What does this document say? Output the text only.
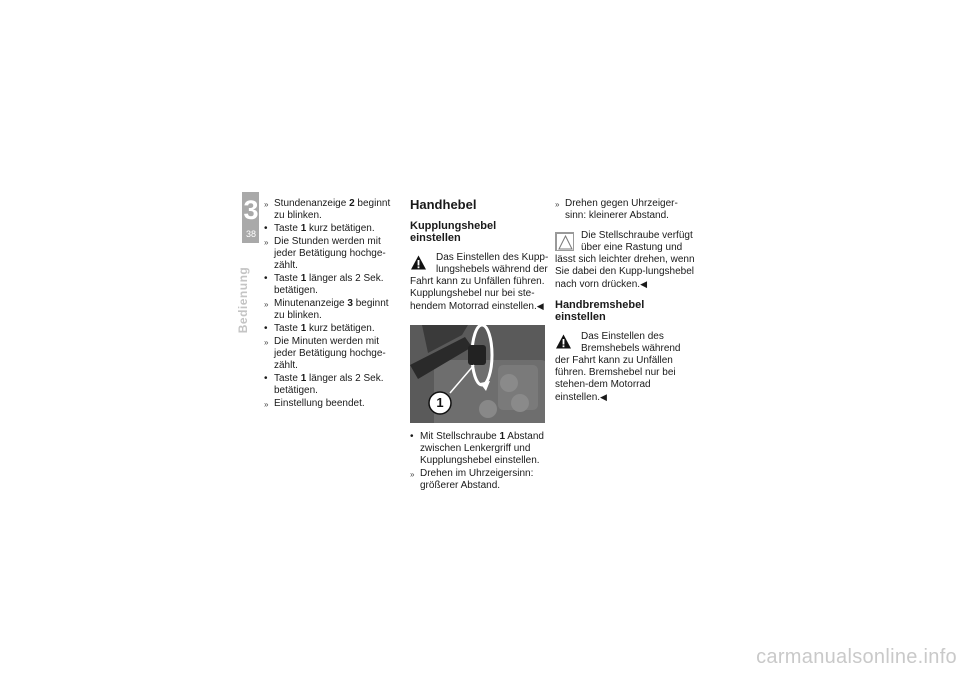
3
38
Bedienung
» Stundenanzeige 2 beginnt zu blinken.
• Taste 1 kurz betätigen.
» Die Stunden werden mit jeder Betätigung hochge-zählt.
• Taste 1 länger als 2 Sek. betätigen.
» Minutenanzeige 3 beginnt zu blinken.
• Taste 1 kurz betätigen.
» Die Minuten werden mit jeder Betätigung hochge-zählt.
• Taste 1 länger als 2 Sek. betätigen.
» Einstellung beendet.
Handhebel
Kupplungshebel einstellen

Das Einstellen des Kupp-

lungshebels während der

Fahrt kann zu Unfällen führen. Kupplungshebel nur bei ste-hendem Motorrad einstellen.◀

1
• Mit Stellschraube 1 Abstand zwischen Lenkergriff und Kupplungshebel einstellen.
» Drehen im Uhrzeigersinn: größerer Abstand.
» Drehen gegen Uhrzeiger-sinn: kleinerer Abstand.

Die Stellschraube verfügt

über eine Rastung und

lässt sich leichter drehen, wenn Sie dabei den Kupp-lungshebel nach vorn drücken.◀

Handbremshebel einstellen

Das Einstellen des

Bremshebels während

der Fahrt kann zu Unfällen führen. Bremshebel nur bei stehen-dem Motorrad einstellen.◀

carmanualsonline.info
